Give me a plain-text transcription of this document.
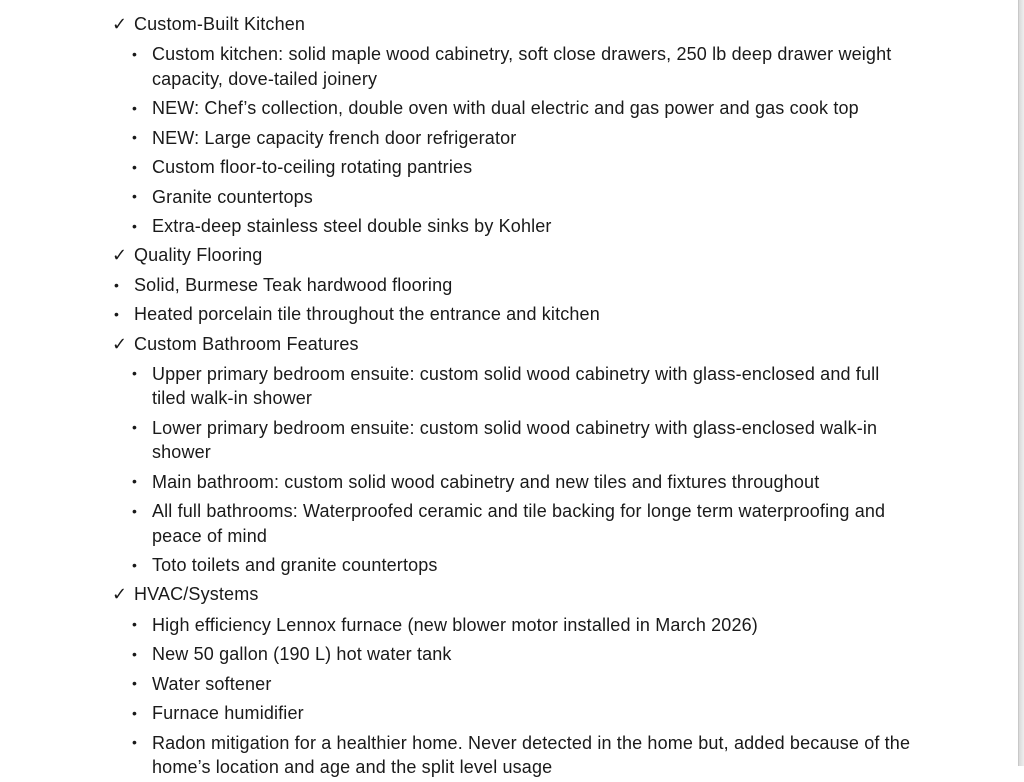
✓ Custom-Built Kitchen
• Custom kitchen: solid maple wood cabinetry, soft close drawers, 250 lb deep drawer weight capacity, dove-tailed joinery
• NEW: Chef’s collection, double oven with dual electric and gas power and gas cook top
• NEW: Large capacity french door refrigerator
• Custom floor-to-ceiling rotating pantries
• Granite countertops
• Extra-deep stainless steel double sinks by Kohler
✓ Quality Flooring
• Solid, Burmese Teak hardwood flooring
• Heated porcelain tile throughout the entrance and kitchen
✓ Custom Bathroom Features
• Upper primary bedroom ensuite: custom solid wood cabinetry with glass-enclosed and full tiled walk-in shower
• Lower primary bedroom ensuite: custom solid wood cabinetry with glass-enclosed walk-in shower
• Main bathroom: custom solid wood cabinetry and new tiles and fixtures throughout
• All full bathrooms: Waterproofed ceramic and tile backing for longe term waterproofing and peace of mind
• Toto toilets and granite countertops
✓ HVAC/Systems
• High efficiency Lennox furnace (new blower motor installed in March 2026)
• New 50 gallon (190 L) hot water tank
• Water softener
• Furnace humidifier
• Radon mitigation for a healthier home. Never detected in the home but, added because of the home’s location and age and the split level usage
